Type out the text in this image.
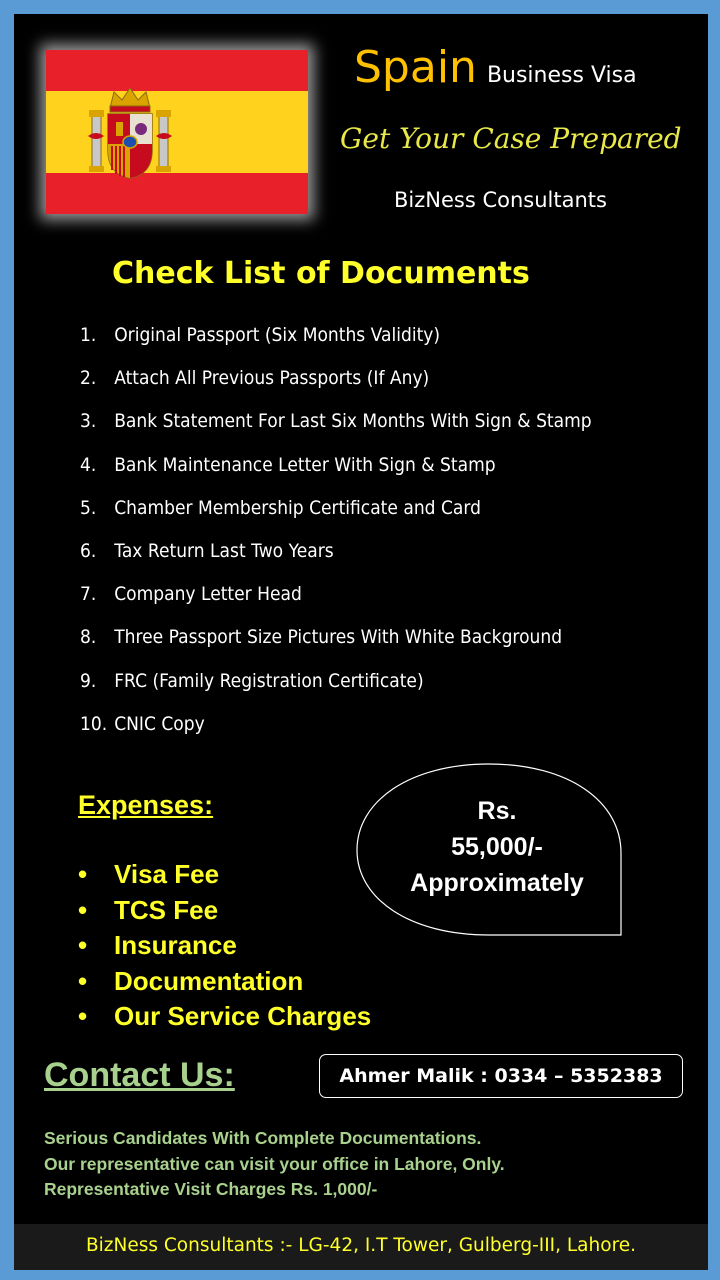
Spain Business Visa
Get Your Case Prepared
BizNess Consultants
Check List of Documents
1. Original Passport (Six Months Validity)
2. Attach All Previous Passports (If Any)
3. Bank Statement For Last Six Months With Sign & Stamp
4. Bank Maintenance Letter With Sign & Stamp
5. Chamber Membership Certificate and Card
6. Tax Return Last Two Years
7. Company Letter Head
8. Three Passport Size Pictures With White Background
9. FRC (Family Registration Certificate)
10. CNIC Copy
Expenses:
• Visa Fee
• TCS Fee
• Insurance
• Documentation
• Our Service Charges
Rs.
55,000/-
Approximately
Contact Us:	Ahmer Malik : 0334 – 5352383
Serious Candidates With Complete Documentations.
Our representative can visit your office in Lahore, Only.
Representative Visit Charges Rs. 1,000/-
BizNess Consultants :- LG-42, I.T Tower, Gulberg-III, Lahore.
